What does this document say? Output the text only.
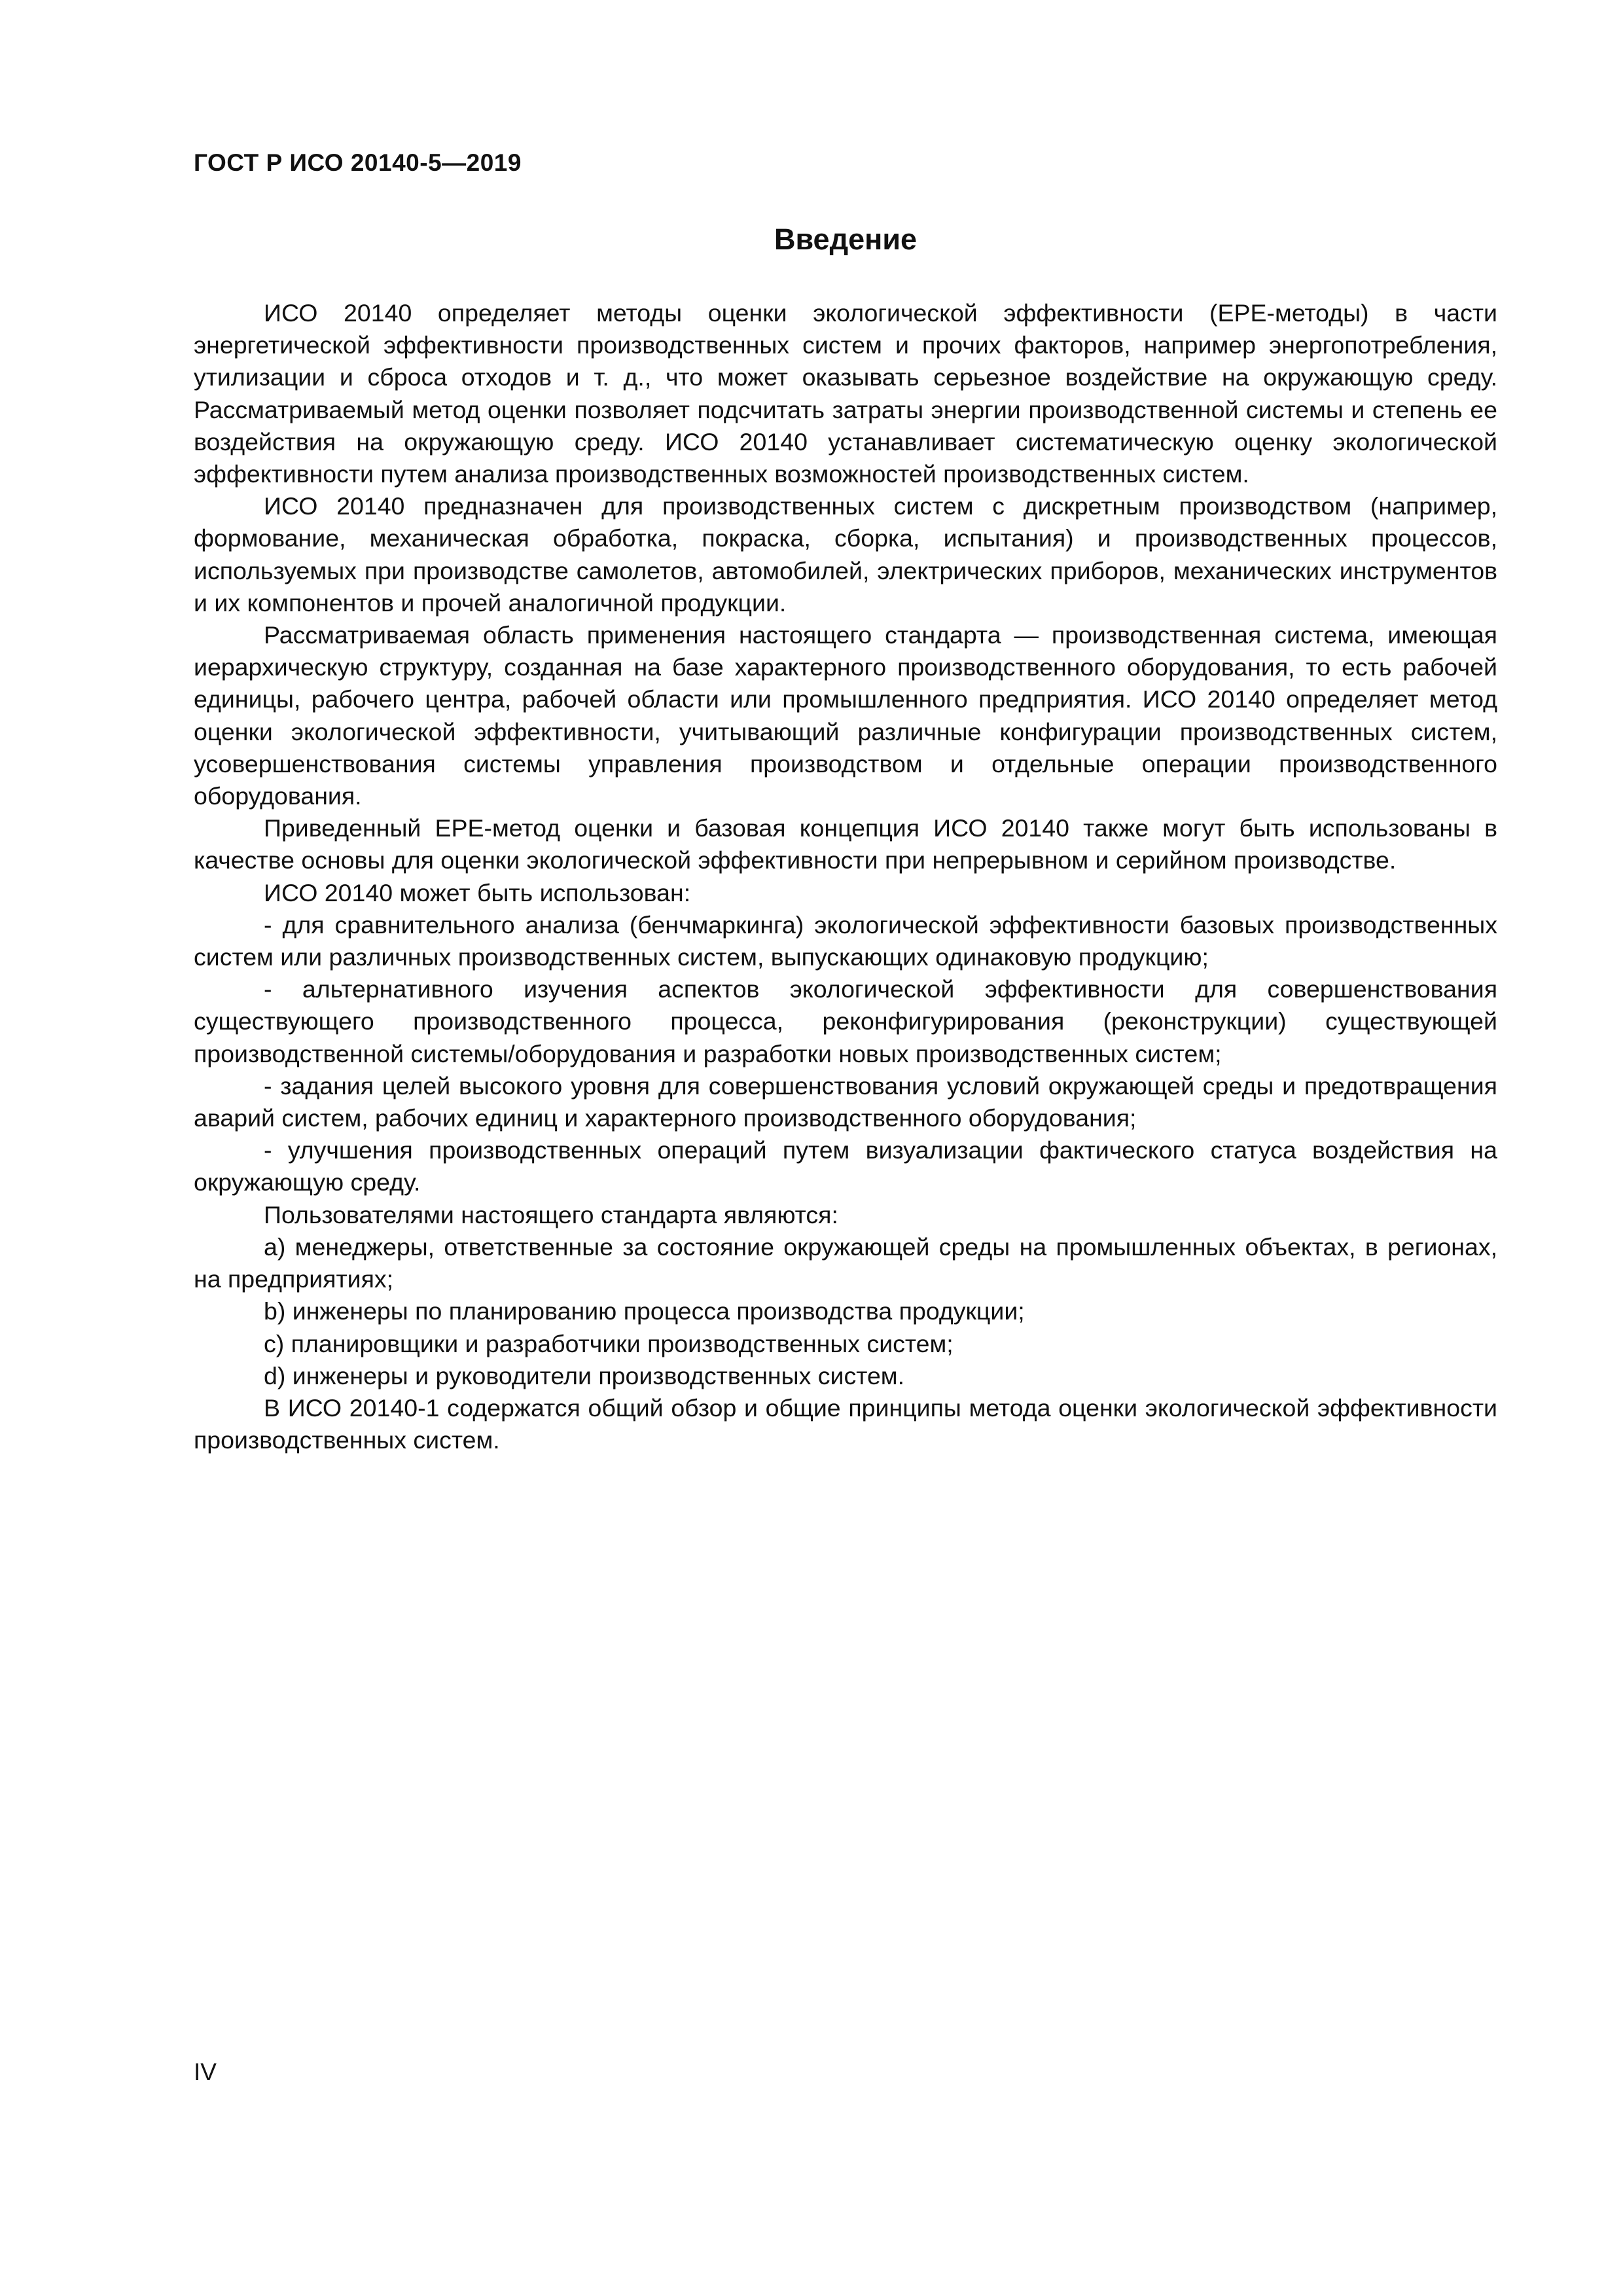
ГОСТ Р ИСО 20140-5—2019
Введение

ИСО 20140 определяет методы оценки экологической эффективности (EPE-методы) в части энергетической эффективности производственных систем и прочих факторов, например энергопотребления, утилизации и сброса отходов и т. д., что может оказывать серьезное воздействие на окружающую среду. Рассматриваемый метод оценки позволяет подсчитать затраты энергии производственной системы и степень ее воздействия на окружающую среду. ИСО 20140 устанавливает систематическую оценку экологической эффективности путем анализа производственных возможностей производственных систем.

ИСО 20140 предназначен для производственных систем с дискретным производством (например, формование, механическая обработка, покраска, сборка, испытания) и производственных процессов, используемых при производстве самолетов, автомобилей, электрических приборов, механических инструментов и их компонентов и прочей аналогичной продукции.

Рассматриваемая область применения настоящего стандарта — производственная система, имеющая иерархическую структуру, созданная на базе характерного производственного оборудования, то есть рабочей единицы, рабочего центра, рабочей области или промышленного предприятия. ИСО 20140 определяет метод оценки экологической эффективности, учитывающий различные конфигурации производственных систем, усовершенствования системы управления производством и отдельные операции производственного оборудования.

Приведенный EPE-метод оценки и базовая концепция ИСО 20140 также могут быть использованы в качестве основы для оценки экологической эффективности при непрерывном и серийном производстве.

ИСО 20140 может быть использован:

- для сравнительного анализа (бенчмаркинга) экологической эффективности базовых производственных систем или различных производственных систем, выпускающих одинаковую продукцию;

- альтернативного изучения аспектов экологической эффективности для совершенствования существующего производственного процесса, реконфигурирования (реконструкции) существующей производственной системы/оборудования и разработки новых производственных систем;

- задания целей высокого уровня для совершенствования условий окружающей среды и предотвращения аварий систем, рабочих единиц и характерного производственного оборудования;

- улучшения производственных операций путем визуализации фактического статуса воздействия на окружающую среду.

Пользователями настоящего стандарта являются:

a) менеджеры, ответственные за состояние окружающей среды на промышленных объектах, в регионах, на предприятиях;

b) инженеры по планированию процесса производства продукции;

c) планировщики и разработчики производственных систем;

d) инженеры и руководители производственных систем.

В ИСО 20140-1 содержатся общий обзор и общие принципы метода оценки экологической эффективности производственных систем.

IV
